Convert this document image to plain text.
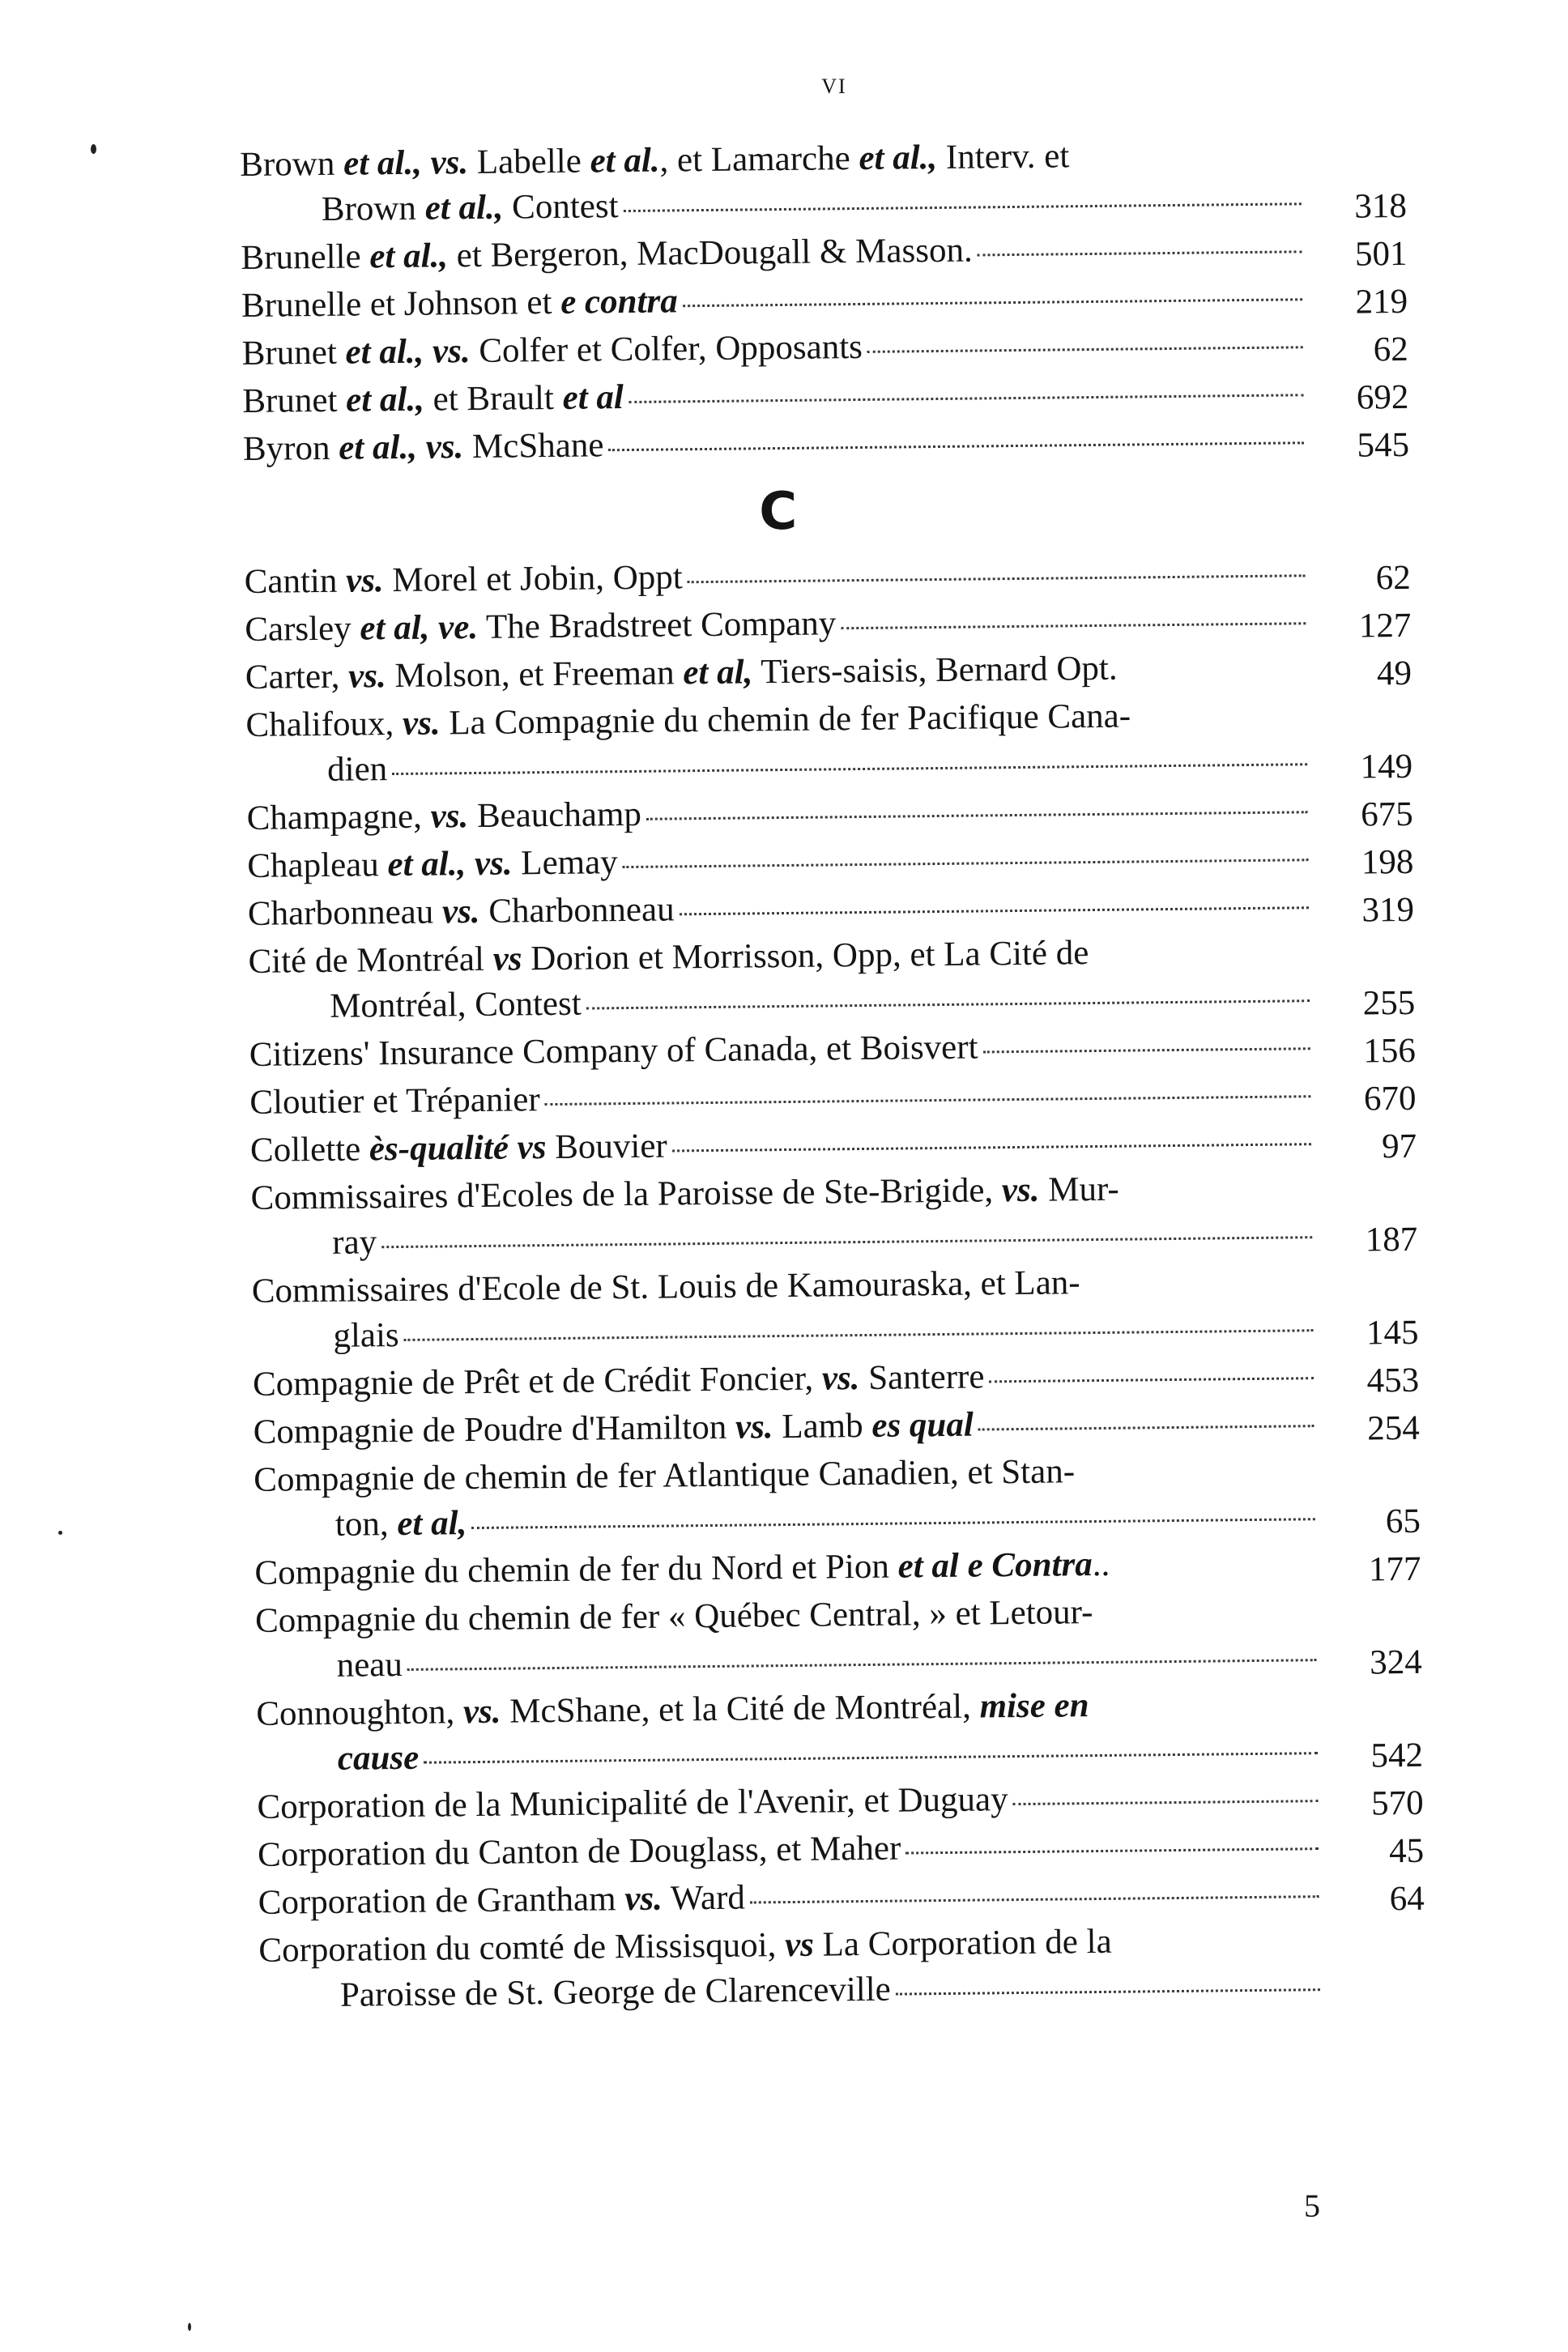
VI
Brown et al., vs. Labelle et al., et Lamarche et al., Interv. et
Brown et al., Contest	318
Brunelle et al., et Bergeron, MacDougall & Masson.	501
Brunelle et Johnson et e contra	219
Brunet et al., vs. Colfer et Colfer, Opposants	62
Brunet et al., et Brault et al	692
Byron et al., vs. McShane	545
C
Cantin vs. Morel et Jobin, Oppt	62
Carsley et al, ve. The Bradstreet Company	127
Carter, vs. Molson, et Freeman et al, Tiers-saisis, Bernard Opt.	49
Chalifoux, vs. La Compagnie du chemin de fer Pacifique Cana-
dien	149
Champagne, vs. Beauchamp	675
Chapleau et al., vs. Lemay	198
Charbonneau vs. Charbonneau	319
Cité de Montréal vs Dorion et Morrisson, Opp, et La Cité de
Montréal, Contest	255
Citizens' Insurance Company of Canada, et Boisvert	156
Cloutier et Trépanier	670
Collette ès-qualité vs Bouvier	97
Commissaires d'Ecoles de la Paroisse de Ste-Brigide, vs. Mur-
ray	187
Commissaires d'Ecole de St. Louis de Kamouraska, et Lan-
glais	145
Compagnie de Prêt et de Crédit Foncier, vs. Santerre	453
Compagnie de Poudre d'Hamilton vs. Lamb es qual	254
Compagnie de chemin de fer Atlantique Canadien, et Stan-
ton, et al,	65
Compagnie du chemin de fer du Nord et Pion et al e Contra..	177
Compagnie du chemin de fer « Québec Central, » et Letour-
neau	324
Connoughton, vs. McShane, et la Cité de Montréal, mise en
cause	542
Corporation de la Municipalité de l'Avenir, et Duguay	570
Corporation du Canton de Douglass, et Maher	45
Corporation de Grantham vs. Ward	64
Corporation du comté de Missisquoi, vs La Corporation de la
Paroisse de St. George de Clarenceville
5
